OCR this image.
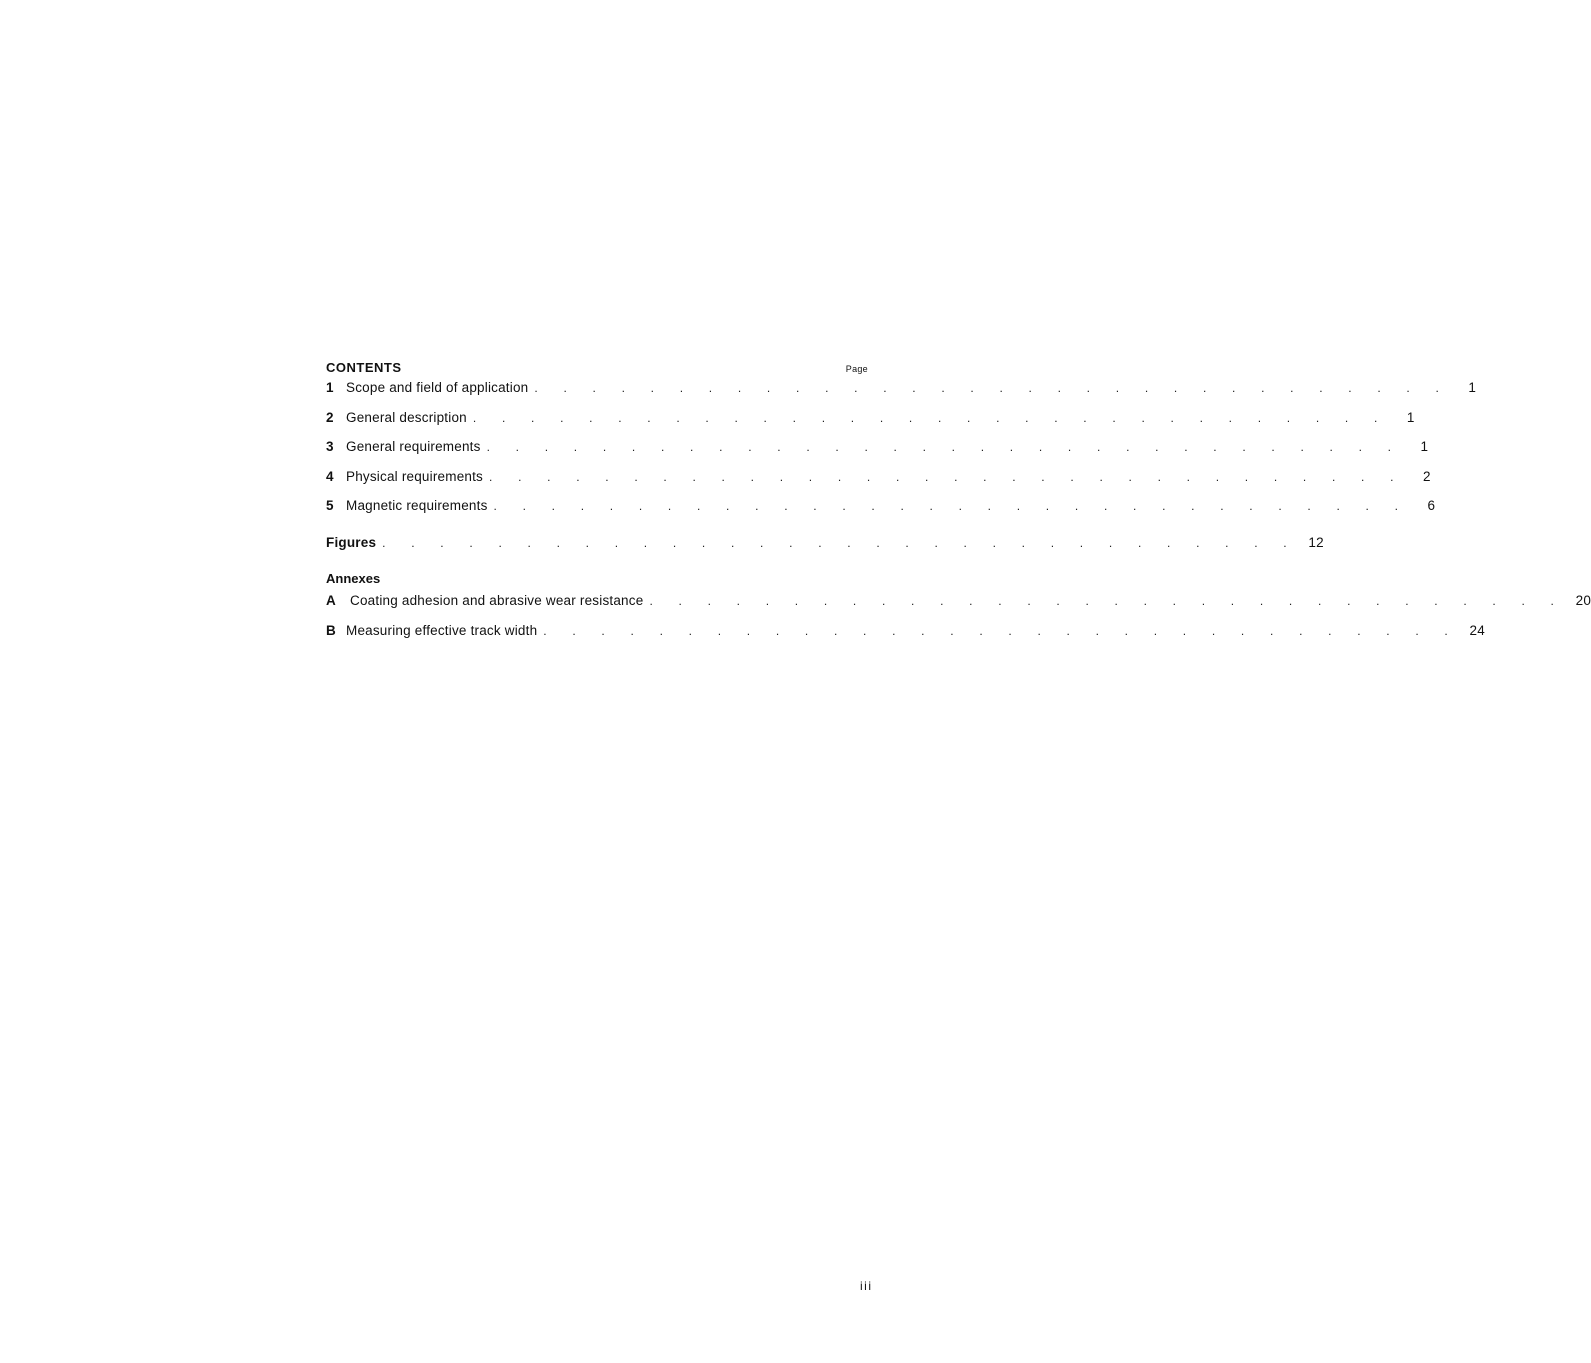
CONTENTS	Page
1 Scope and field of application . . . . . . . . . . . . . . . . . . . . . . . . . . . . . . . .	1
2 General description . . . . . . . . . . . . . . . . . . . . . . . . . . . . . . . .	1
3 General requirements . . . . . . . . . . . . . . . . . . . . . . . . . . . . . . . .	1
4 Physical requirements . . . . . . . . . . . . . . . . . . . . . . . . . . . . . . . .	2
5 Magnetic requirements . . . . . . . . . . . . . . . . . . . . . . . . . . . . . . . .	6
Figures . . . . . . . . . . . . . . . . . . . . . . . . . . . . . . . . 12
Annexes
A	Coating adhesion and abrasive wear resistance . . . . . . . . . . . . . . . . . . . . . . . . . . . . . . . . 20
B Measuring effective track width . . . . . . . . . . . . . . . . . . . . . . . . . . . . . . . . 24
iii
